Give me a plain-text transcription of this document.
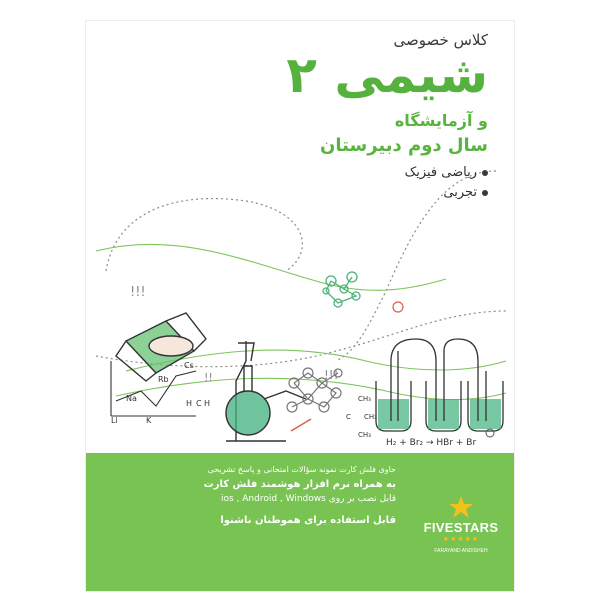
!!!
!!!
!!
Cs
Rb
Na
Li	K
H C H	CH₃
C CH₃
CH₃
H₂ + Br₂ → HBr + Br
کلاس خصوصی
شیمی ۲
و آزمایشگاه
سال دوم دبیرستان
ریاضی فیزیک
تجربی
حاوی فلش کارت نمونه سؤالات امتحانی و پاسخ تشریحی
به همراه نرم افزار هوشمند فلش کارت
قابل نصب بر روی ios , Android , Windows
قابل استفاده برای هموطنان ناشنوا FIVESTARS
★★★★★
FARAYAND ANDISHEH
